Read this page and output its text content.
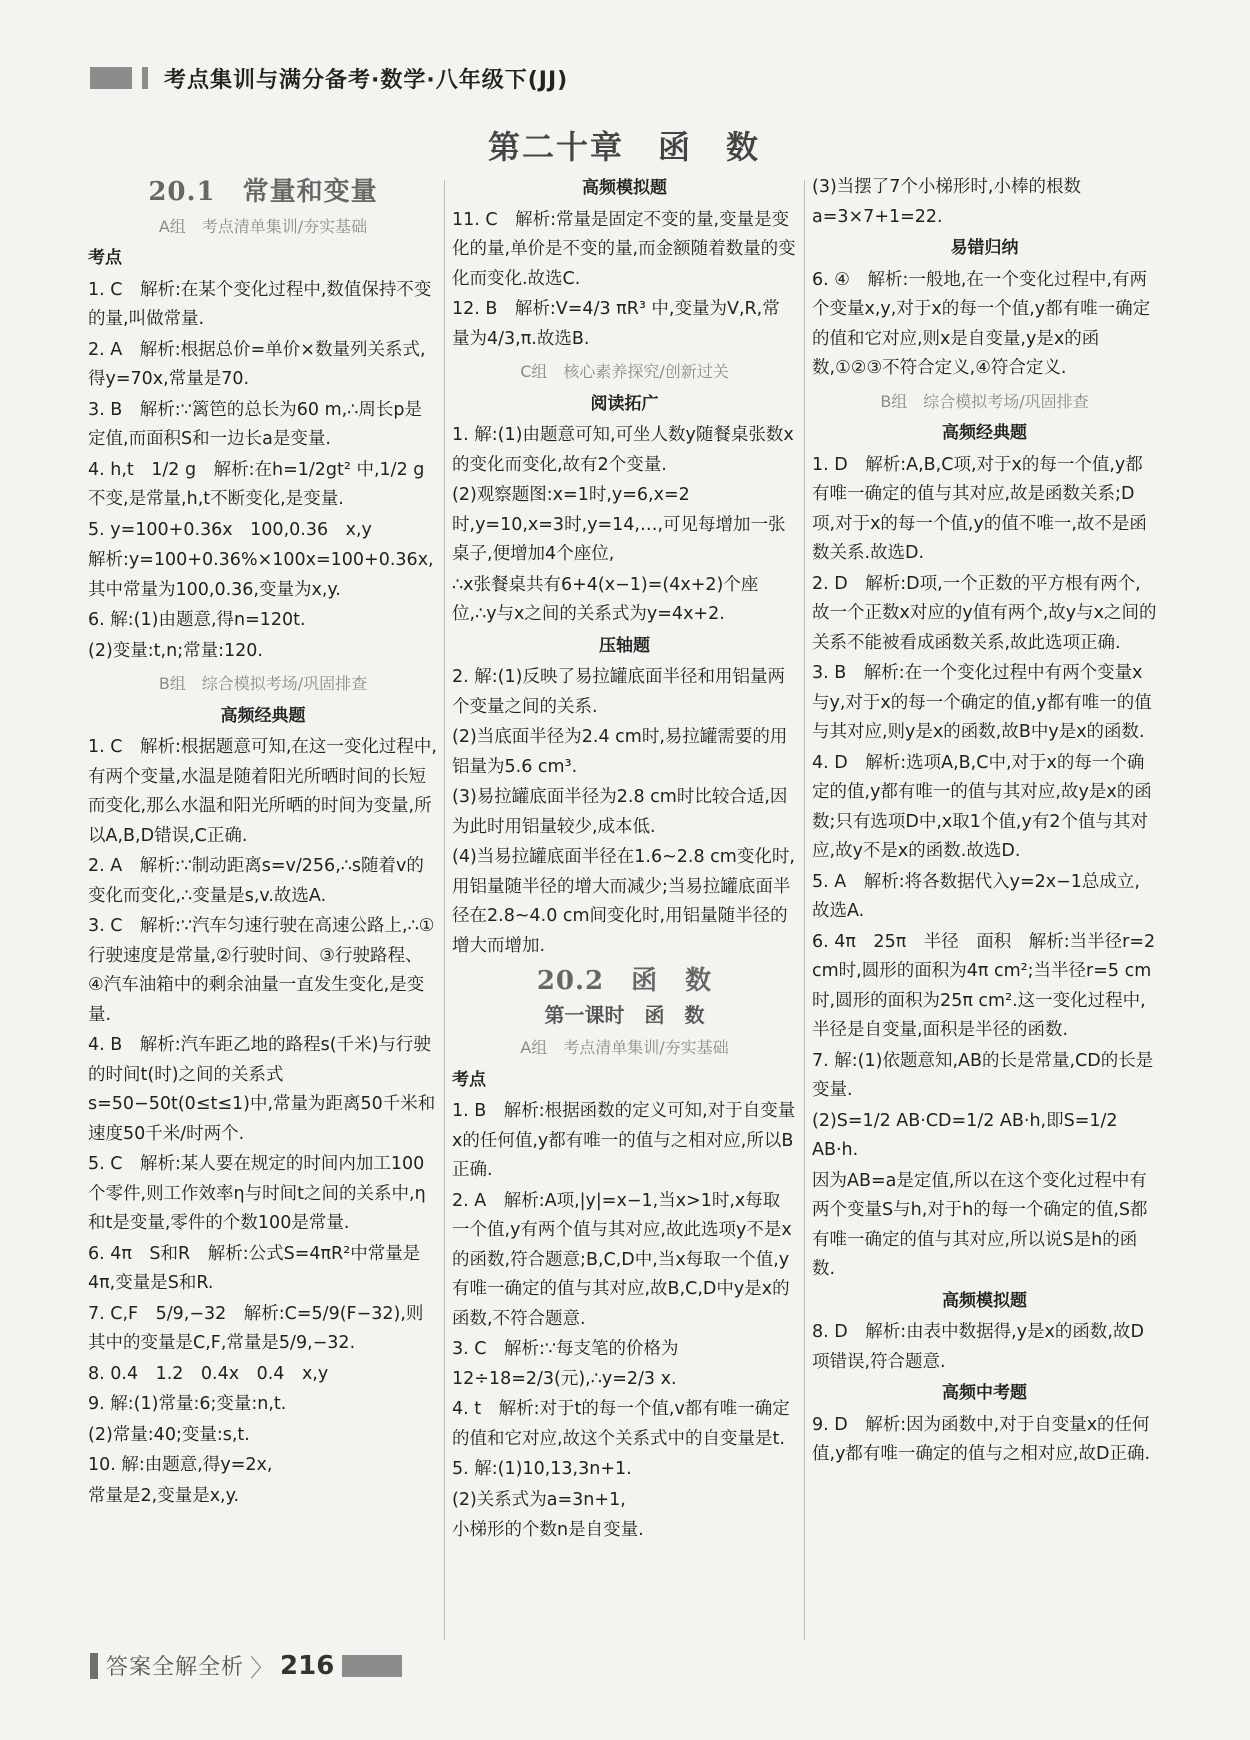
考点集训与满分备考·数学·八年级下(JJ)
第二十章　函　数
20.1　常量和变量
A组　考点清单集训/夯实基础
考点
1. C　解析:在某个变化过程中,数值保持不变的量,叫做常量.
2. A　解析:根据总价=单价×数量列关系式,得y=70x,常量是70.
3. B　解析:∵篱笆的总长为60 m,∴周长p是定值,而面积S和一边长a是变量.
4. h,t　1/2 g　解析:在h=1/2gt² 中,1/2 g不变,是常量,h,t不断变化,是变量.
5. y=100+0.36x　100,0.36　x,y
解析:y=100+0.36%×100x=100+0.36x,其中常量为100,0.36,变量为x,y.
6. 解:(1)由题意,得n=120t.
(2)变量:t,n;常量:120.
B组　综合模拟考场/巩固排查
高频经典题
1. C　解析:根据题意可知,在这一变化过程中,有两个变量,水温是随着阳光所晒时间的长短而变化,那么水温和阳光所晒的时间为变量,所以A,B,D错误,C正确.
2. A　解析:∵制动距离s=v/256,∴s随着v的变化而变化,∴变量是s,v.故选A.
3. C　解析:∵汽车匀速行驶在高速公路上,∴①行驶速度是常量,②行驶时间、③行驶路程、④汽车油箱中的剩余油量一直发生变化,是变量.
4. B　解析:汽车距乙地的路程s(千米)与行驶的时间t(时)之间的关系式s=50−50t(0≤t≤1)中,常量为距离50千米和速度50千米/时两个.
5. C　解析:某人要在规定的时间内加工100个零件,则工作效率η与时间t之间的关系中,η和t是变量,零件的个数100是常量.
6. 4π　S和R　解析:公式S=4πR²中常量是4π,变量是S和R.
7. C,F　5/9,−32　解析:C=5/9(F−32),则其中的变量是C,F,常量是5/9,−32.
8. 0.4　1.2　0.4x　0.4　x,y
9. 解:(1)常量:6;变量:n,t.
(2)常量:40;变量:s,t.
10. 解:由题意,得y=2x,
常量是2,变量是x,y.
高频模拟题
11. C　解析:常量是固定不变的量,变量是变化的量,单价是不变的量,而金额随着数量的变化而变化.故选C.
12. B　解析:V=4/3 πR³ 中,变量为V,R,常量为4/3,π.故选B.
C组　核心素养探究/创新过关
阅读拓广
1. 解:(1)由题意可知,可坐人数y随餐桌张数x的变化而变化,故有2个变量.
(2)观察题图:x=1时,y=6,x=2时,y=10,x=3时,y=14,…,可见每增加一张桌子,便增加4个座位,
∴x张餐桌共有6+4(x−1)=(4x+2)个座位,∴y与x之间的关系式为y=4x+2.
压轴题
2. 解:(1)反映了易拉罐底面半径和用铝量两个变量之间的关系.
(2)当底面半径为2.4 cm时,易拉罐需要的用铝量为5.6 cm³.
(3)易拉罐底面半径为2.8 cm时比较合适,因为此时用铝量较少,成本低.
(4)当易拉罐底面半径在1.6~2.8 cm变化时,用铝量随半径的增大而减少;当易拉罐底面半径在2.8~4.0 cm间变化时,用铝量随半径的增大而增加.
20.2　函　数
第一课时　函　数
A组　考点清单集训/夯实基础
考点
1. B　解析:根据函数的定义可知,对于自变量x的任何值,y都有唯一的值与之相对应,所以B正确.
2. A　解析:A项,|y|=x−1,当x>1时,x每取一个值,y有两个值与其对应,故此选项y不是x的函数,符合题意;B,C,D中,当x每取一个值,y有唯一确定的值与其对应,故B,C,D中y是x的函数,不符合题意.
3. C　解析:∵每支笔的价格为12÷18=2/3(元),∴y=2/3 x.
4. t　解析:对于t的每一个值,v都有唯一确定的值和它对应,故这个关系式中的自变量是t.
5. 解:(1)10,13,3n+1.
(2)关系式为a=3n+1,
小梯形的个数n是自变量.
(3)当摆了7个小梯形时,小棒的根数a=3×7+1=22.
易错归纳
6. ④　解析:一般地,在一个变化过程中,有两个变量x,y,对于x的每一个值,y都有唯一确定的值和它对应,则x是自变量,y是x的函数,①②③不符合定义,④符合定义.
B组　综合模拟考场/巩固排查
高频经典题
1. D　解析:A,B,C项,对于x的每一个值,y都有唯一确定的值与其对应,故是函数关系;D项,对于x的每一个值,y的值不唯一,故不是函数关系.故选D.
2. D　解析:D项,一个正数的平方根有两个,故一个正数x对应的y值有两个,故y与x之间的关系不能被看成函数关系,故此选项正确.
3. B　解析:在一个变化过程中有两个变量x与y,对于x的每一个确定的值,y都有唯一的值与其对应,则y是x的函数,故B中y是x的函数.
4. D　解析:选项A,B,C中,对于x的每一个确定的值,y都有唯一的值与其对应,故y是x的函数;只有选项D中,x取1个值,y有2个值与其对应,故y不是x的函数.故选D.
5. A　解析:将各数据代入y=2x−1总成立,故选A.
6. 4π　25π　半径　面积　解析:当半径r=2 cm时,圆形的面积为4π cm²;当半径r=5 cm时,圆形的面积为25π cm².这一变化过程中,半径是自变量,面积是半径的函数.
7. 解:(1)依题意知,AB的长是常量,CD的长是变量.
(2)S=1/2 AB·CD=1/2 AB·h,即S=1/2 AB·h.
因为AB=a是定值,所以在这个变化过程中有两个变量S与h,对于h的每一个确定的值,S都有唯一确定的值与其对应,所以说S是h的函数.
高频模拟题
8. D　解析:由表中数据得,y是x的函数,故D项错误,符合题意.
高频中考题
9. D　解析:因为函数中,对于自变量x的任何值,y都有唯一确定的值与之相对应,故D正确.
答案全解全析 〉 216
